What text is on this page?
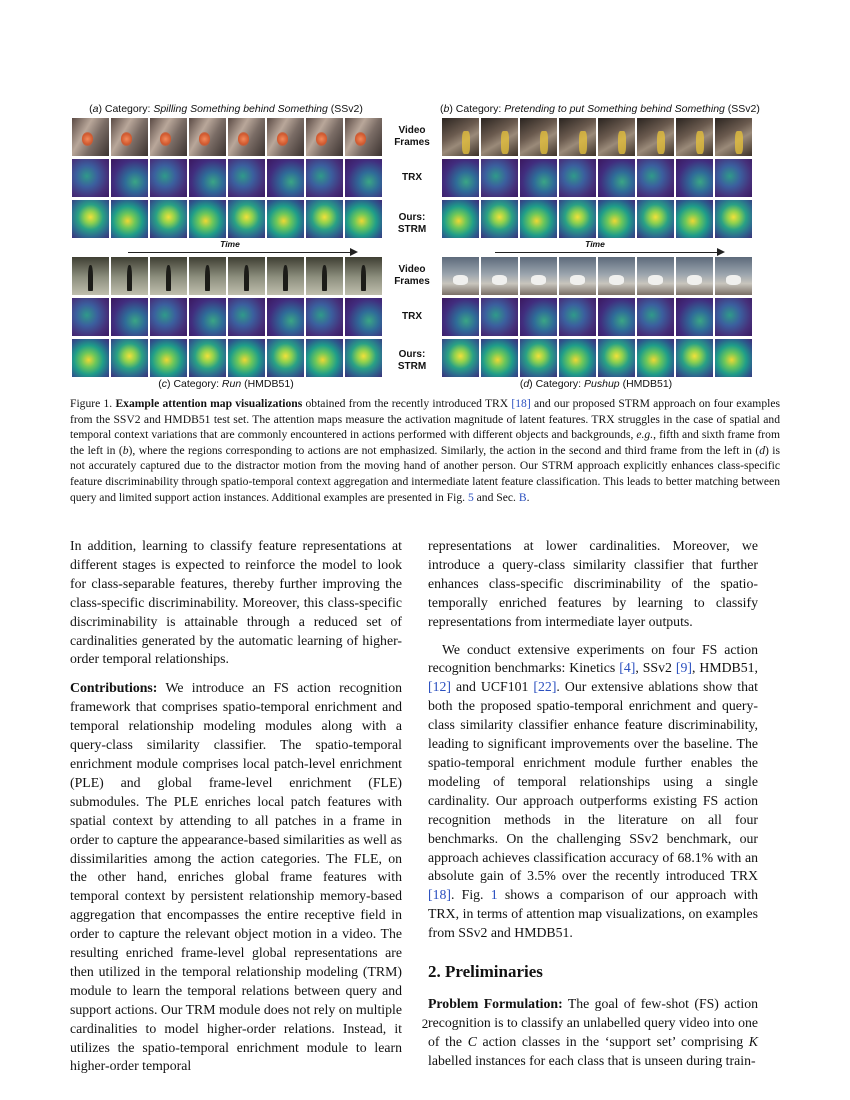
(a) Category: Spilling Something behind Something (SSv2)	(b) Category: Pretending to put Something behind Something (SSv2)
Video
Frames
TRX
Ours:
STRM
Time	Time
Video
Frames
TRX
Ours:
STRM
(c) Category: Run (HMDB51)	(d) Category: Pushup (HMDB51)
Figure 1. Example attention map visualizations obtained from the recently introduced TRX [18] and our proposed STRM approach on four examples from the SSV2 and HMDB51 test set. The attention maps measure the activation magnitude of latent features. TRX struggles in the case of spatial and temporal context variations that are commonly encountered in actions performed with different objects and backgrounds, e.g., fifth and sixth frame from the left in (b), where the regions corresponding to actions are not emphasized. Similarly, the action in the second and third frame from the left in (d) is not accurately captured due to the distractor motion from the moving hand of another person. Our STRM approach explicitly enhances class-specific feature discriminability through spatio-temporal context aggregation and intermediate latent feature classification. This leads to better matching between query and limited support action instances. Additional examples are presented in Fig. 5 and Sec. B.

In addition, learning to classify feature representations at different stages is expected to reinforce the model to look for class-separable features, thereby further improving the class-specific discriminability. Moreover, this class-specific discriminability is attainable through a reduced set of cardinalities generated by the automatic learning of higher-order temporal relationships.

Contributions: We introduce an FS action recognition framework that comprises spatio-temporal enrichment and temporal relationship modeling modules along with a query-class similarity classifier. The spatio-temporal enrichment module comprises local patch-level enrichment (PLE) and global frame-level enrichment (FLE) submodules. The PLE enriches local patch features with spatial context by attending to all patches in a frame in order to capture the appearance-based similarities as well as dissimilarities among the action categories. The FLE, on the other hand, enriches global frame features with temporal context by persistent relationship memory-based aggregation that encompasses the entire receptive field in order to capture the relevant object motion in a video. The resulting enriched frame-level global representations are then utilized in the temporal relationship modeling (TRM) module to learn the temporal relations between query and support actions. Our TRM module does not rely on multiple cardinalities to model higher-order relations. Instead, it utilizes the spatio-temporal enrichment module to learn higher-order temporal

representations at lower cardinalities. Moreover, we introduce a query-class similarity classifier that further enhances class-specific discriminability of the spatio-temporally enriched features by learning to classify representations from intermediate layer outputs.

We conduct extensive experiments on four FS action recognition benchmarks: Kinetics [4], SSv2 [9], HMDB51, [12] and UCF101 [22]. Our extensive ablations show that both the proposed spatio-temporal enrichment and query-class similarity classifier enhance feature discriminability, leading to significant improvements over the baseline. The spatio-temporal enrichment module further enables the modeling of temporal relationships using a single cardinality. Our approach outperforms existing FS action recognition methods in the literature on all four benchmarks. On the challenging SSv2 benchmark, our approach achieves classification accuracy of 68.1% with an absolute gain of 3.5% over the recently introduced TRX [18]. Fig. 1 shows a comparison of our approach with TRX, in terms of attention map visualizations, on examples from SSv2 and HMDB51.

2. Preliminaries

Problem Formulation: The goal of few-shot (FS) action recognition is to classify an unlabelled query video into one of the C action classes in the ‘support set’ comprising K labelled instances for each class that is unseen during train-

2
